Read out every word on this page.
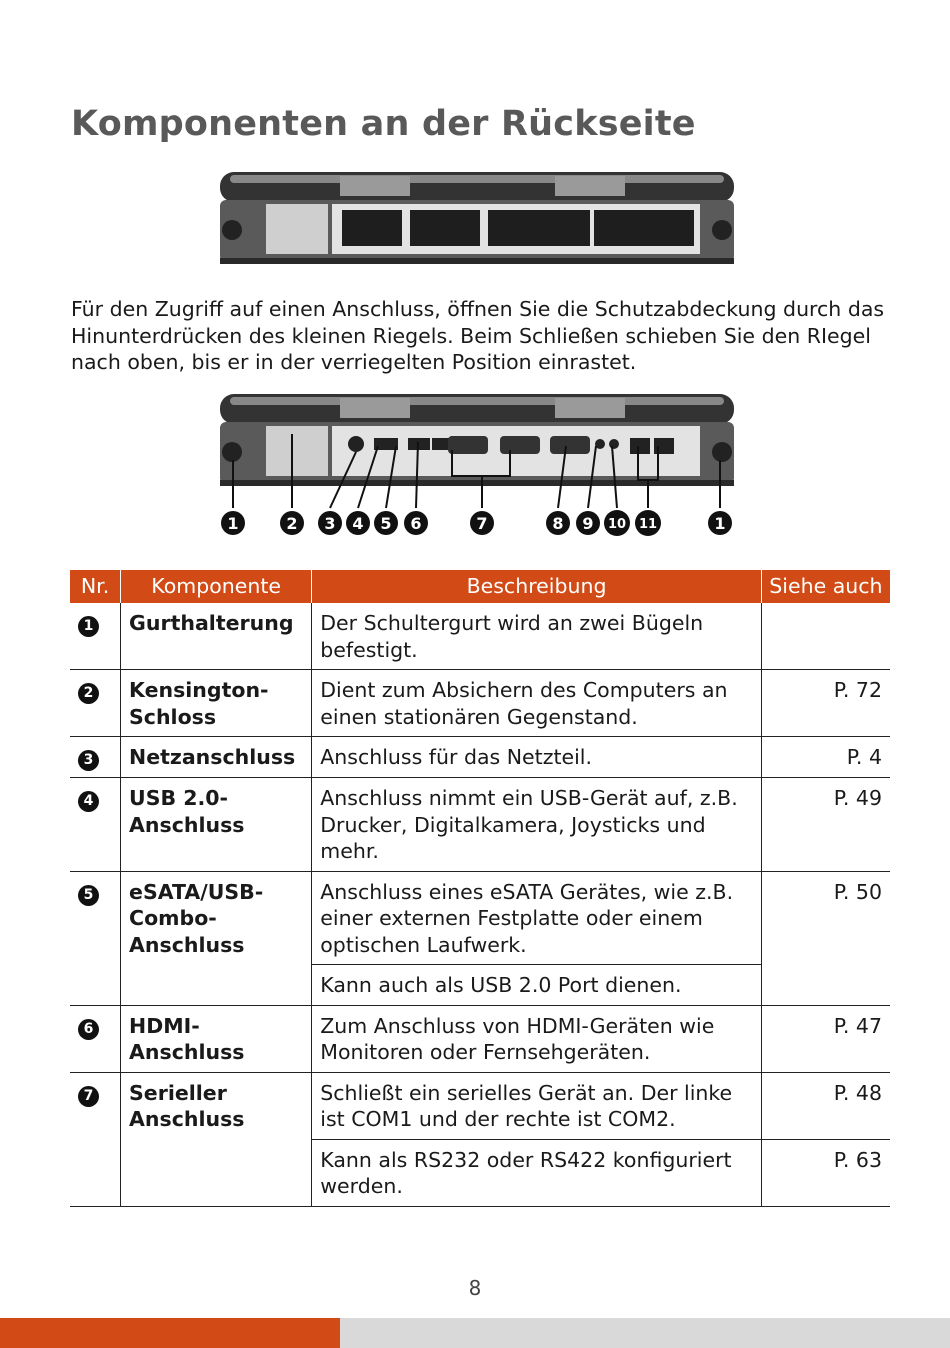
Komponenten an der Rückseite
Für den Zugriff auf einen Anschluss, öffnen Sie die Schutzabdeckung durch das Hinunterdrücken des kleinen Riegels. Beim Schließen schieben Sie den RIegel nach oben, bis er in der verriegelten Position einrastet.
1	2 3 4 5 6	7	8 9 10 11	1
Nr.	Komponente	Beschreibung	Siehe auch
1	Gurthalterung	Der Schultergurt wird an zwei Bügeln befestigt.	
2	Kensington-Schloss	Dient zum Absichern des Computers an einen stationären Gegenstand.	P. 72
3	Netzanschluss	Anschluss für das Netzteil.	P. 4
4	USB 2.0-Anschluss	Anschluss nimmt ein USB-Gerät auf, z.B. Drucker, Digitalkamera, Joysticks und mehr.	P. 49
5	eSATA/USB-Combo-Anschluss	Anschluss eines eSATA Gerätes, wie z.B. einer externen Festplatte oder einem optischen Laufwerk.	P. 50
		Kann auch als USB 2.0 Port dienen.	
6	HDMI-Anschluss	Zum Anschluss von HDMI-Geräten wie Monitoren oder Fernsehgeräten.	P. 47
7	Serieller Anschluss	Schließt ein serielles Gerät an. Der linke ist COM1 und der rechte ist COM2.	P. 48
		Kann als RS232 oder RS422 konfiguriert werden.	P. 63
8
